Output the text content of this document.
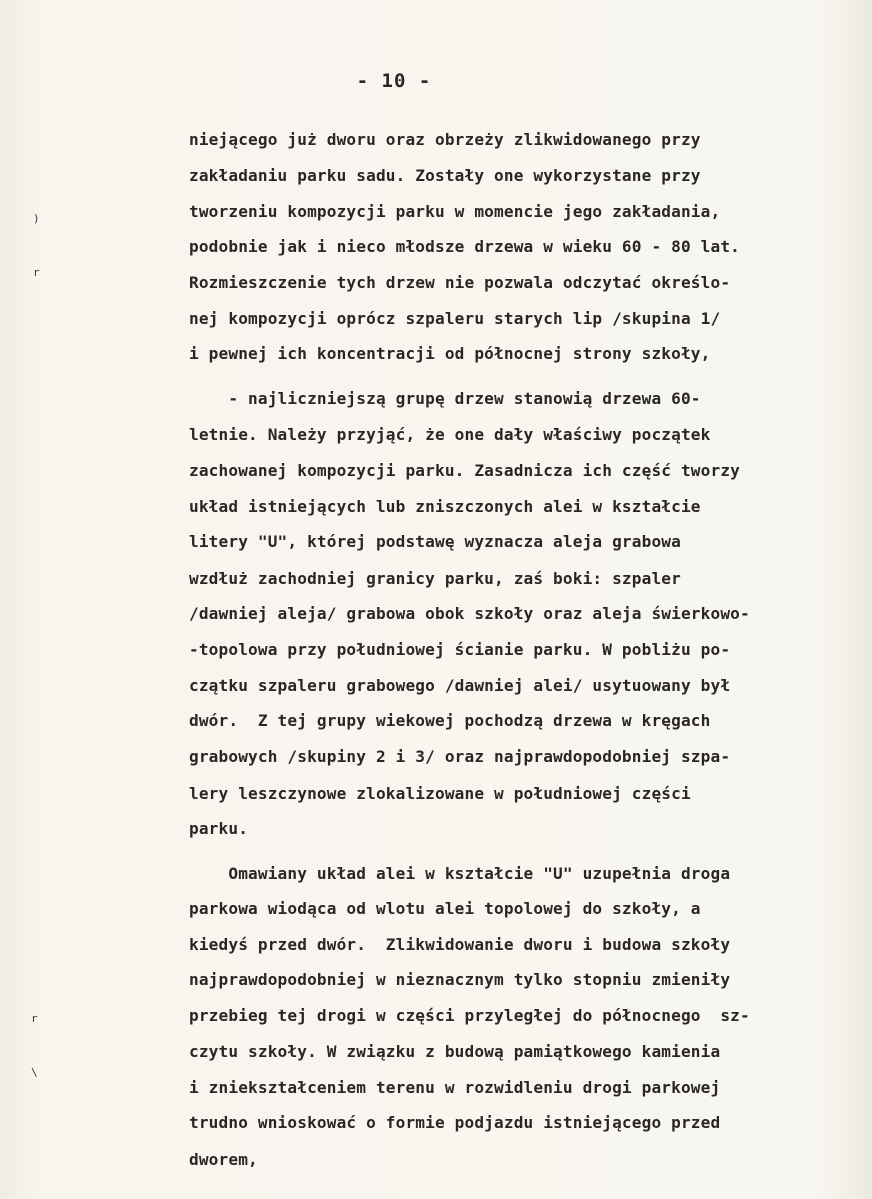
- 10 -
niejącego już dworu oraz obrzeży zlikwidowanego przy
zakładaniu parku sadu. Zostały one wykorzystane przy
tworzeniu kompozycji parku w momencie jego zakładania,
podobnie jak i nieco młodsze drzewa w wieku 60 - 80 lat.
Rozmieszczenie tych drzew nie pozwala odczytać określo-
nej kompozycji oprócz szpaleru starych lip /skupina 1/
i pewnej ich koncentracji od północnej strony szkoły,
- najliczniejszą grupę drzew stanowią drzewa 60-
letnie. Należy przyjąć, że one dały właściwy początek
zachowanej kompozycji parku. Zasadnicza ich część tworzy
układ istniejących lub zniszczonych alei w kształcie
litery "U", której podstawę wyznacza aleja grabowa
wzdłuż zachodniej granicy parku, zaś boki: szpaler
/dawniej aleja/ grabowa obok szkoły oraz aleja świerkowo-
-topolowa przy południowej ścianie parku. W pobliżu po-
czątku szpaleru grabowego /dawniej alei/ usytuowany był
dwór.  Z tej grupy wiekowej pochodzą drzewa w kręgach
grabowych /skupiny 2 i 3/ oraz najprawdopodobniej szpa-
lery leszczynowe zlokalizowane w południowej części
parku.
Omawiany układ alei w kształcie "U" uzupełnia droga
parkowa wiodąca od wlotu alei topolowej do szkoły, a
kiedyś przed dwór.  Zlikwidowanie dworu i budowa szkoły
najprawdopodobniej w nieznacznym tylko stopniu zmieniły
przebieg tej drogi w części przyległej do północnego  sz-
czytu szkoły. W związku z budową pamiątkowego kamienia
i zniekształceniem terenu w rozwidleniu drogi parkowej
trudno wnioskować o formie podjazdu istniejącego przed
dworem,
)
r
r
\
